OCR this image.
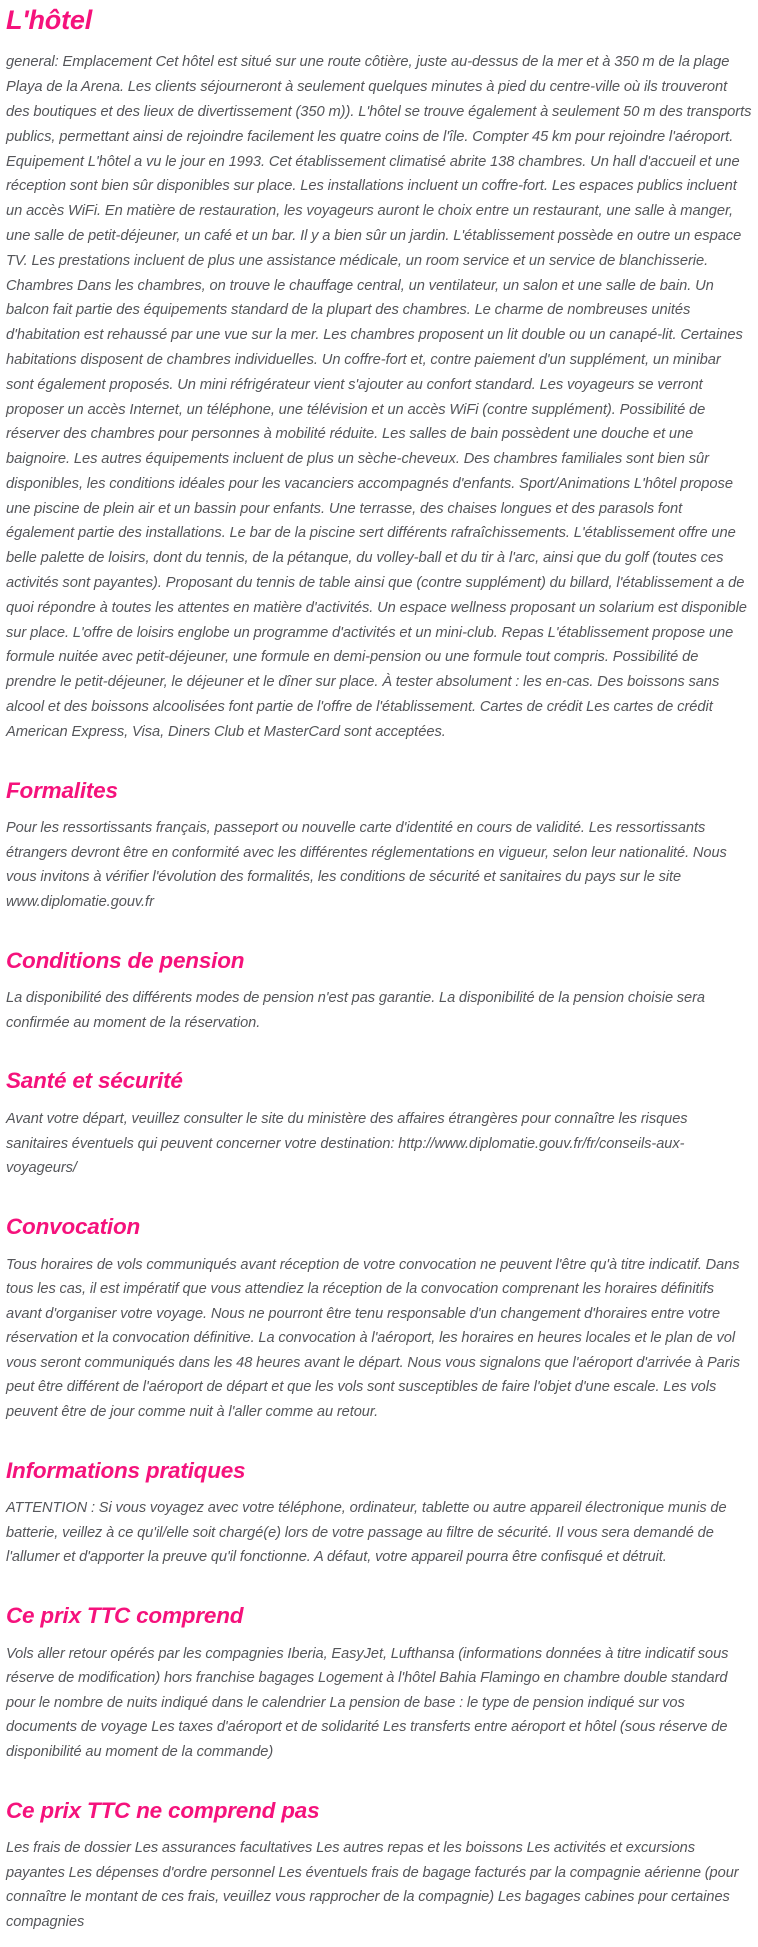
L'hôtel

general: Emplacement Cet hôtel est situé sur une route côtière, juste au-dessus de la mer et à 350 m de la plage Playa de la Arena. Les clients séjourneront à seulement quelques minutes à pied du centre-ville où ils trouveront des boutiques et des lieux de divertissement (350 m)). L'hôtel se trouve également à seulement 50 m des transports publics, permettant ainsi de rejoindre facilement les quatre coins de l'île. Compter 45 km pour rejoindre l'aéroport. Equipement L'hôtel a vu le jour en 1993. Cet établissement climatisé abrite 138 chambres. Un hall d'accueil et une réception sont bien sûr disponibles sur place. Les installations incluent un coffre-fort. Les espaces publics incluent un accès WiFi. En matière de restauration, les voyageurs auront le choix entre un restaurant, une salle à manger, une salle de petit-déjeuner, un café et un bar. Il y a bien sûr un jardin. L'établissement possède en outre un espace TV. Les prestations incluent de plus une assistance médicale, un room service et un service de blanchisserie. Chambres Dans les chambres, on trouve le chauffage central, un ventilateur, un salon et une salle de bain. Un balcon fait partie des équipements standard de la plupart des chambres. Le charme de nombreuses unités d'habitation est rehaussé par une vue sur la mer. Les chambres proposent un lit double ou un canapé-lit. Certaines habitations disposent de chambres individuelles. Un coffre-fort et, contre paiement d'un supplément, un minibar sont également proposés. Un mini réfrigérateur vient s'ajouter au confort standard. Les voyageurs se verront proposer un accès Internet, un téléphone, une télévision et un accès WiFi (contre supplément). Possibilité de réserver des chambres pour personnes à mobilité réduite. Les salles de bain possèdent une douche et une baignoire. Les autres équipements incluent de plus un sèche-cheveux. Des chambres familiales sont bien sûr disponibles, les conditions idéales pour les vacanciers accompagnés d'enfants. Sport/Animations L'hôtel propose une piscine de plein air et un bassin pour enfants. Une terrasse, des chaises longues et des parasols font également partie des installations. Le bar de la piscine sert différents rafraîchissements. L'établissement offre une belle palette de loisirs, dont du tennis, de la pétanque, du volley-ball et du tir à l'arc, ainsi que du golf (toutes ces activités sont payantes). Proposant du tennis de table ainsi que (contre supplément) du billard, l'établissement a de quoi répondre à toutes les attentes en matière d'activités. Un espace wellness proposant un solarium est disponible sur place. L'offre de loisirs englobe un programme d'activités et un mini-club. Repas L'établissement propose une formule nuitée avec petit-déjeuner, une formule en demi-pension ou une formule tout compris. Possibilité de prendre le petit-déjeuner, le déjeuner et le dîner sur place. À tester absolument : les en-cas. Des boissons sans alcool et des boissons alcoolisées font partie de l'offre de l'établissement. Cartes de crédit Les cartes de crédit American Express, Visa, Diners Club et MasterCard sont acceptées.

Formalites

Pour les ressortissants français, passeport ou nouvelle carte d'identité en cours de validité. Les ressortissants étrangers devront être en conformité avec les différentes réglementations en vigueur, selon leur nationalité. Nous vous invitons à vérifier l'évolution des formalités, les conditions de sécurité et sanitaires du pays sur le site www.diplomatie.gouv.fr

Conditions de pension

La disponibilité des différents modes de pension n'est pas garantie. La disponibilité de la pension choisie sera confirmée au moment de la réservation.

Santé et sécurité

Avant votre départ, veuillez consulter le site du ministère des affaires étrangères pour connaître les risques sanitaires éventuels qui peuvent concerner votre destination: http://www.diplomatie.gouv.fr/fr/conseils-aux-voyageurs/

Convocation

Tous horaires de vols communiqués avant réception de votre convocation ne peuvent l'être qu'à titre indicatif. Dans tous les cas, il est impératif que vous attendiez la réception de la convocation comprenant les horaires définitifs avant d'organiser votre voyage. Nous ne pourront être tenu responsable d'un changement d'horaires entre votre réservation et la convocation définitive. La convocation à l'aéroport, les horaires en heures locales et le plan de vol vous seront communiqués dans les 48 heures avant le départ. Nous vous signalons que l'aéroport d'arrivée à Paris peut être différent de l'aéroport de départ et que les vols sont susceptibles de faire l'objet d'une escale. Les vols peuvent être de jour comme nuit à l'aller comme au retour.

Informations pratiques

ATTENTION : Si vous voyagez avec votre téléphone, ordinateur, tablette ou autre appareil électronique munis de batterie, veillez à ce qu'il/elle soit chargé(e) lors de votre passage au filtre de sécurité. Il vous sera demandé de l'allumer et d'apporter la preuve qu'il fonctionne. A défaut, votre appareil pourra être confisqué et détruit.

Ce prix TTC comprend

Vols aller retour opérés par les compagnies Iberia, EasyJet, Lufthansa (informations données à titre indicatif sous réserve de modification) hors franchise bagages Logement à l'hôtel Bahia Flamingo en chambre double standard pour le nombre de nuits indiqué dans le calendrier La pension de base : le type de pension indiqué sur vos documents de voyage Les taxes d'aéroport et de solidarité Les transferts entre aéroport et hôtel (sous réserve de disponibilité au moment de la commande)

Ce prix TTC ne comprend pas

Les frais de dossier Les assurances facultatives Les autres repas et les boissons Les activités et excursions payantes Les dépenses d'ordre personnel Les éventuels frais de bagage facturés par la compagnie aérienne (pour connaître le montant de ces frais, veuillez vous rapprocher de la compagnie) Les bagages cabines pour certaines compagnies
